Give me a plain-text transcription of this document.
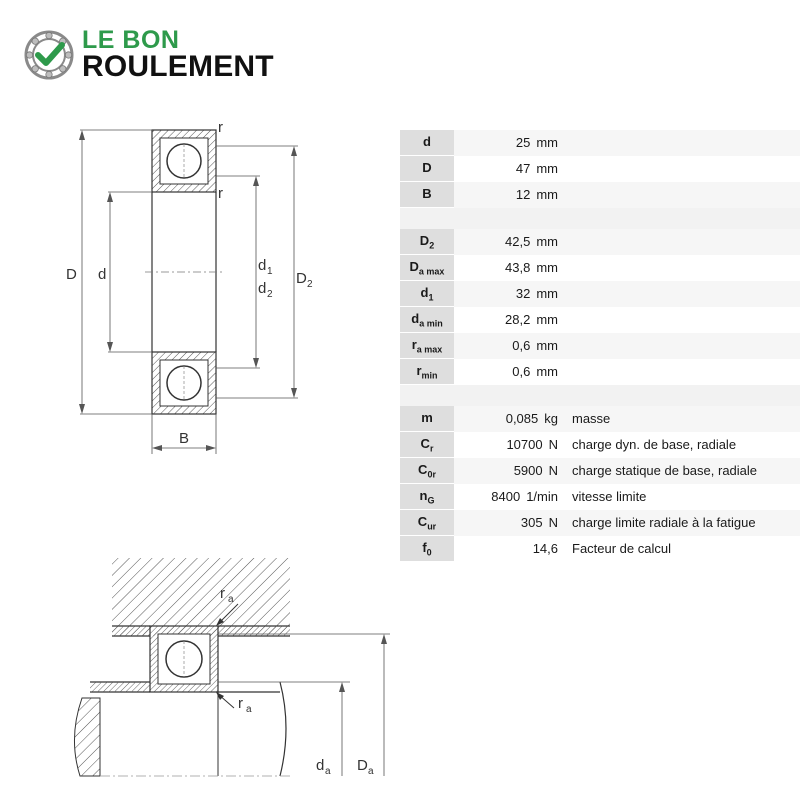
LE BON
ROULEMENT
r
r
D d
d 1
d 2
D 2
B
r a
r a
d a D a
d	25 mm	
D	47 mm	
B	12 mm	

$D_2$	42,5 mm	
$D_{a max}$	43,8 mm	
$d_1$	32 mm	
$d_{a min}$	28,2 mm	
$r_{a max}$	0,6 mm	
$r_{min}$	0,6 mm	

m	0,085 kg	masse
$C_r$	10700 N	charge dyn. de base, radiale
$C_{0r}$	5900 N	charge statique de base, radiale
$n_G$	8400 1/min	vitesse limite
$C_{ur}$	305 N	charge limite radiale à la fatigue
$f_0$	14,6	Facteur de calcul
